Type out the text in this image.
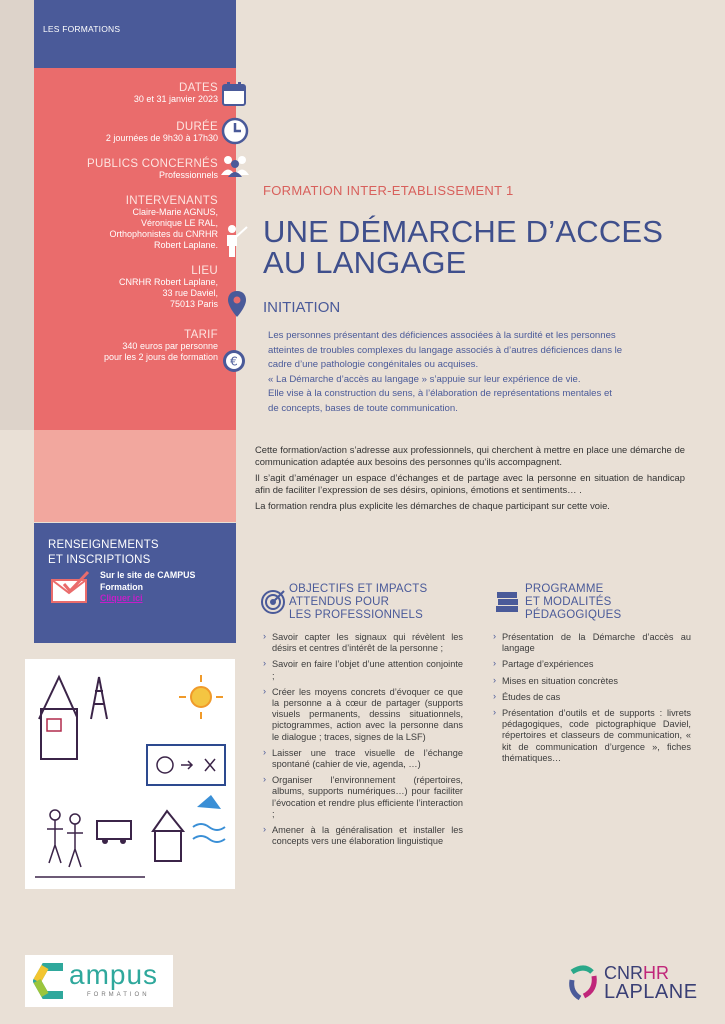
LES FORMATIONS
DATES
30 et 31 janvier 2023
DURÉE
2 journées de 9h30 à 17h30
PUBLICS CONCERNÉS
Professionnels
INTERVENANTS
Claire-Marie AGNUS,
Véronique LE RAL,
Orthophonistes du CNRHR
Robert Laplane.
LIEU
CNRHR Robert Laplane,
33 rue Daviel,
75013 Paris
TARIF
340 euros par personne
pour les 2 jours de formation €
FORMATION INTER-ETABLISSEMENT 1
UNE DÉMARCHE D’ACCES
AU LANGAGE
INITIATION
Les personnes présentant des déficiences associées à la surdité et les personnes
atteintes de troubles complexes du langage associés à d’autres déficiences dans le
cadre d’une pathologie congénitales ou acquises.
« La Démarche d’accès au langage » s’appuie sur leur expérience de vie.
Elle vise à la construction du sens, à l’élaboration de représentations mentales et
de concepts, bases de toute communication.

Cette formation/action s’adresse aux professionnels, qui cherchent à mettre en place une démarche de communication adaptée aux besoins des personnes qu’ils accompagnent.

Il s’agit d’aménager un espace d’échanges et de partage avec la personne en situation de handicap afin de faciliter l’expression de ses désirs, opinions, émotions et sentiments… .

La formation rendra plus explicite les démarches de chaque participant sur cette voie.

RENSEIGNEMENTS
ET INSCRIPTIONS
Sur le site de CAMPUS
Formation
Cliquer ici
OBJECTIFS ET IMPACTS
ATTENDUS POUR
LES PROFESSIONNELS
› Savoir capter les signaux qui révèlent les désirs et centres d’intérêt de la personne ;
› Savoir en faire l’objet d’une attention conjointe ;
› Créer les moyens concrets d’évoquer ce que la personne a à cœur de partager (supports visuels permanents, dessins situationnels, pictogrammes, action avec la personne dans le dialogue ; traces, signes de la LSF)
› Laisser une trace visuelle de l’échange spontané (cahier de vie, agenda, …)
› Organiser l’environnement (répertoires, albums, supports numériques…) pour faciliter l’évocation et rendre plus efficiente l’interaction ;
› Amener à la généralisation et installer les concepts vers une élaboration linguistique
PROGRAMME
ET MODALITÉS
PÉDAGOGIQUES
› Présentation de la Démarche d’accès au langage
› Partage d’expériences
› Mises en situation concrètes
› Études de cas
› Présentation d’outils et de supports : livrets pédagogiques, code pictographique Daviel, répertoires et classeurs de communication, « kit de communication d’urgence », fiches thématiques…
ampus
FORMATION
CNRHR
LAPLANE
